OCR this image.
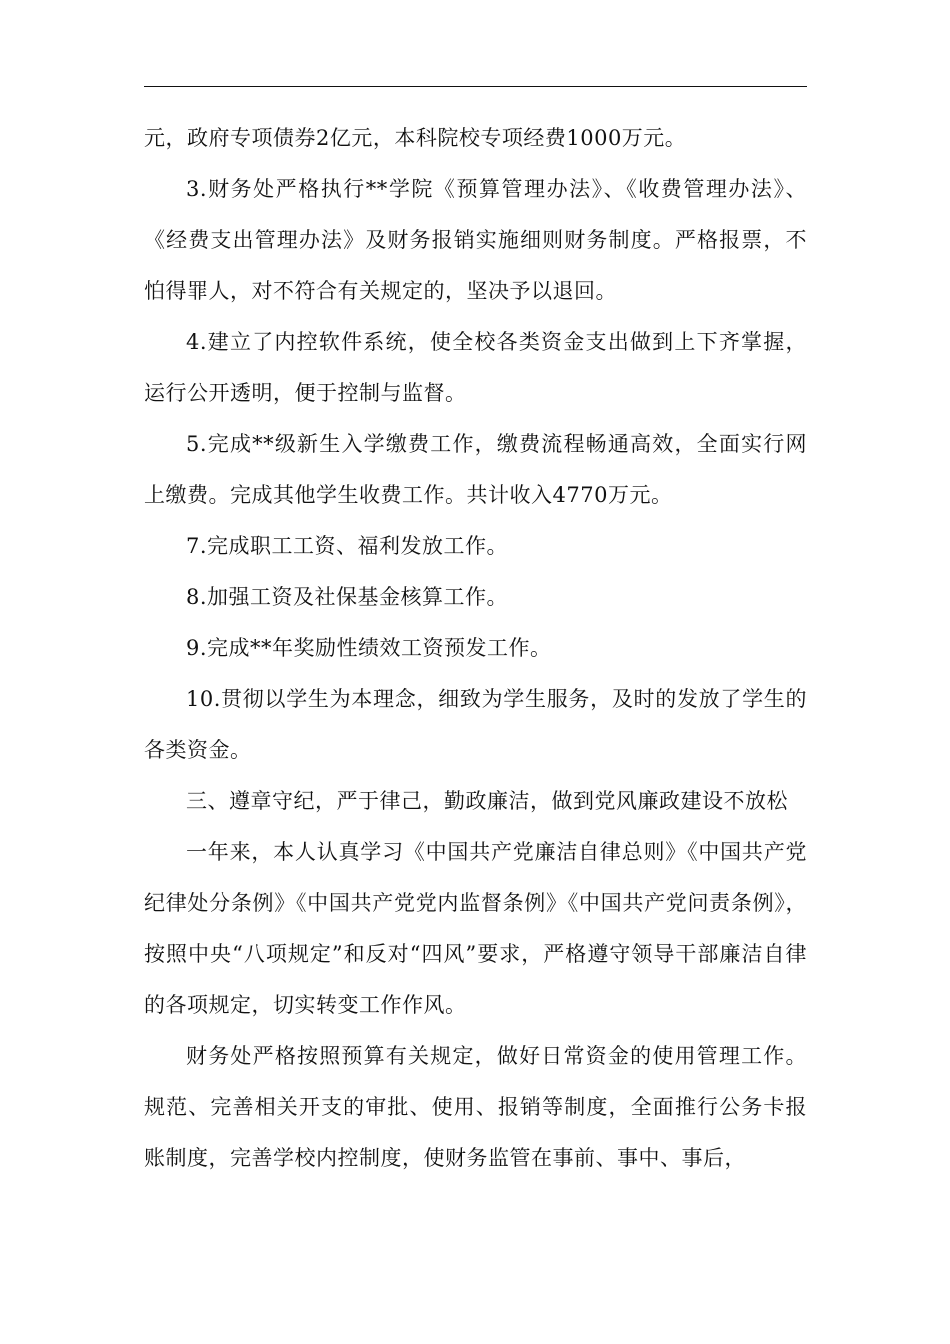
元，政府专项债券2亿元，本科院校专项经费1000万元。

3.财务处严格执行**学院《预算管理办法》、《收费管理办法》、《经费支出管理办法》及财务报销实施细则财务制度。严格报票，不怕得罪人，对不符合有关规定的，坚决予以退回。

4.建立了内控软件系统，使全校各类资金支出做到上下齐掌握，运行公开透明，便于控制与监督。

5.完成**级新生入学缴费工作，缴费流程畅通高效，全面实行网上缴费。完成其他学生收费工作。共计收入4770万元。

7.完成职工工资、福利发放工作。

8.加强工资及社保基金核算工作。

9.完成**年奖励性绩效工资预发工作。

10.贯彻以学生为本理念，细致为学生服务，及时的发放了学生的各类资金。

三、遵章守纪，严于律己，勤政廉洁，做到党风廉政建设不放松

一年来，本人认真学习《中国共产党廉洁自律总则》《中国共产党纪律处分条例》《中国共产党党内监督条例》《中国共产党问责条例》，按照中央“八项规定”和反对“四风”要求，严格遵守领导干部廉洁自律的各项规定，切实转变工作作风。

财务处严格按照预算有关规定，做好日常资金的使用管理工作。规范、完善相关开支的审批、使用、报销等制度，全面推行公务卡报账制度，完善学校内控制度，使财务监管在事前、事中、事后，
